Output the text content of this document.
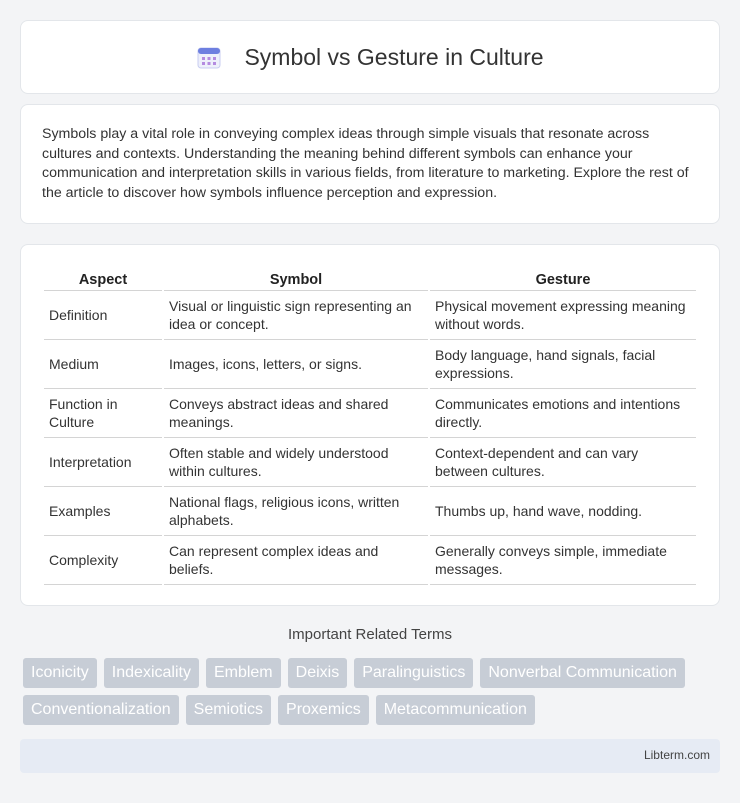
Symbol vs Gesture in Culture

Symbols play a vital role in conveying complex ideas through simple visuals that resonate across cultures and contexts. Understanding the meaning behind different symbols can enhance your communication and interpretation skills in various fields, from literature to marketing. Explore the rest of the article to discover how symbols influence perception and expression.

Aspect	Symbol	Gesture
Definition	Visual or linguistic sign representing an idea or concept.	Physical movement expressing meaning without words.
Medium	Images, icons, letters, or signs.	Body language, hand signals, facial expressions.
Function in Culture	Conveys abstract ideas and shared meanings.	Communicates emotions and intentions directly.
Interpretation	Often stable and widely understood within cultures.	Context-dependent and can vary between cultures.
Examples	National flags, religious icons, written alphabets.	Thumbs up, hand wave, nodding.
Complexity	Can represent complex ideas and beliefs.	Generally conveys simple, immediate messages.
Important Related Terms
Iconicity	Indexicality	Emblem	Deixis	Paralinguistics	Nonverbal Communication
Conventionalization	Semiotics	Proxemics	Metacommunication
Libterm.com
